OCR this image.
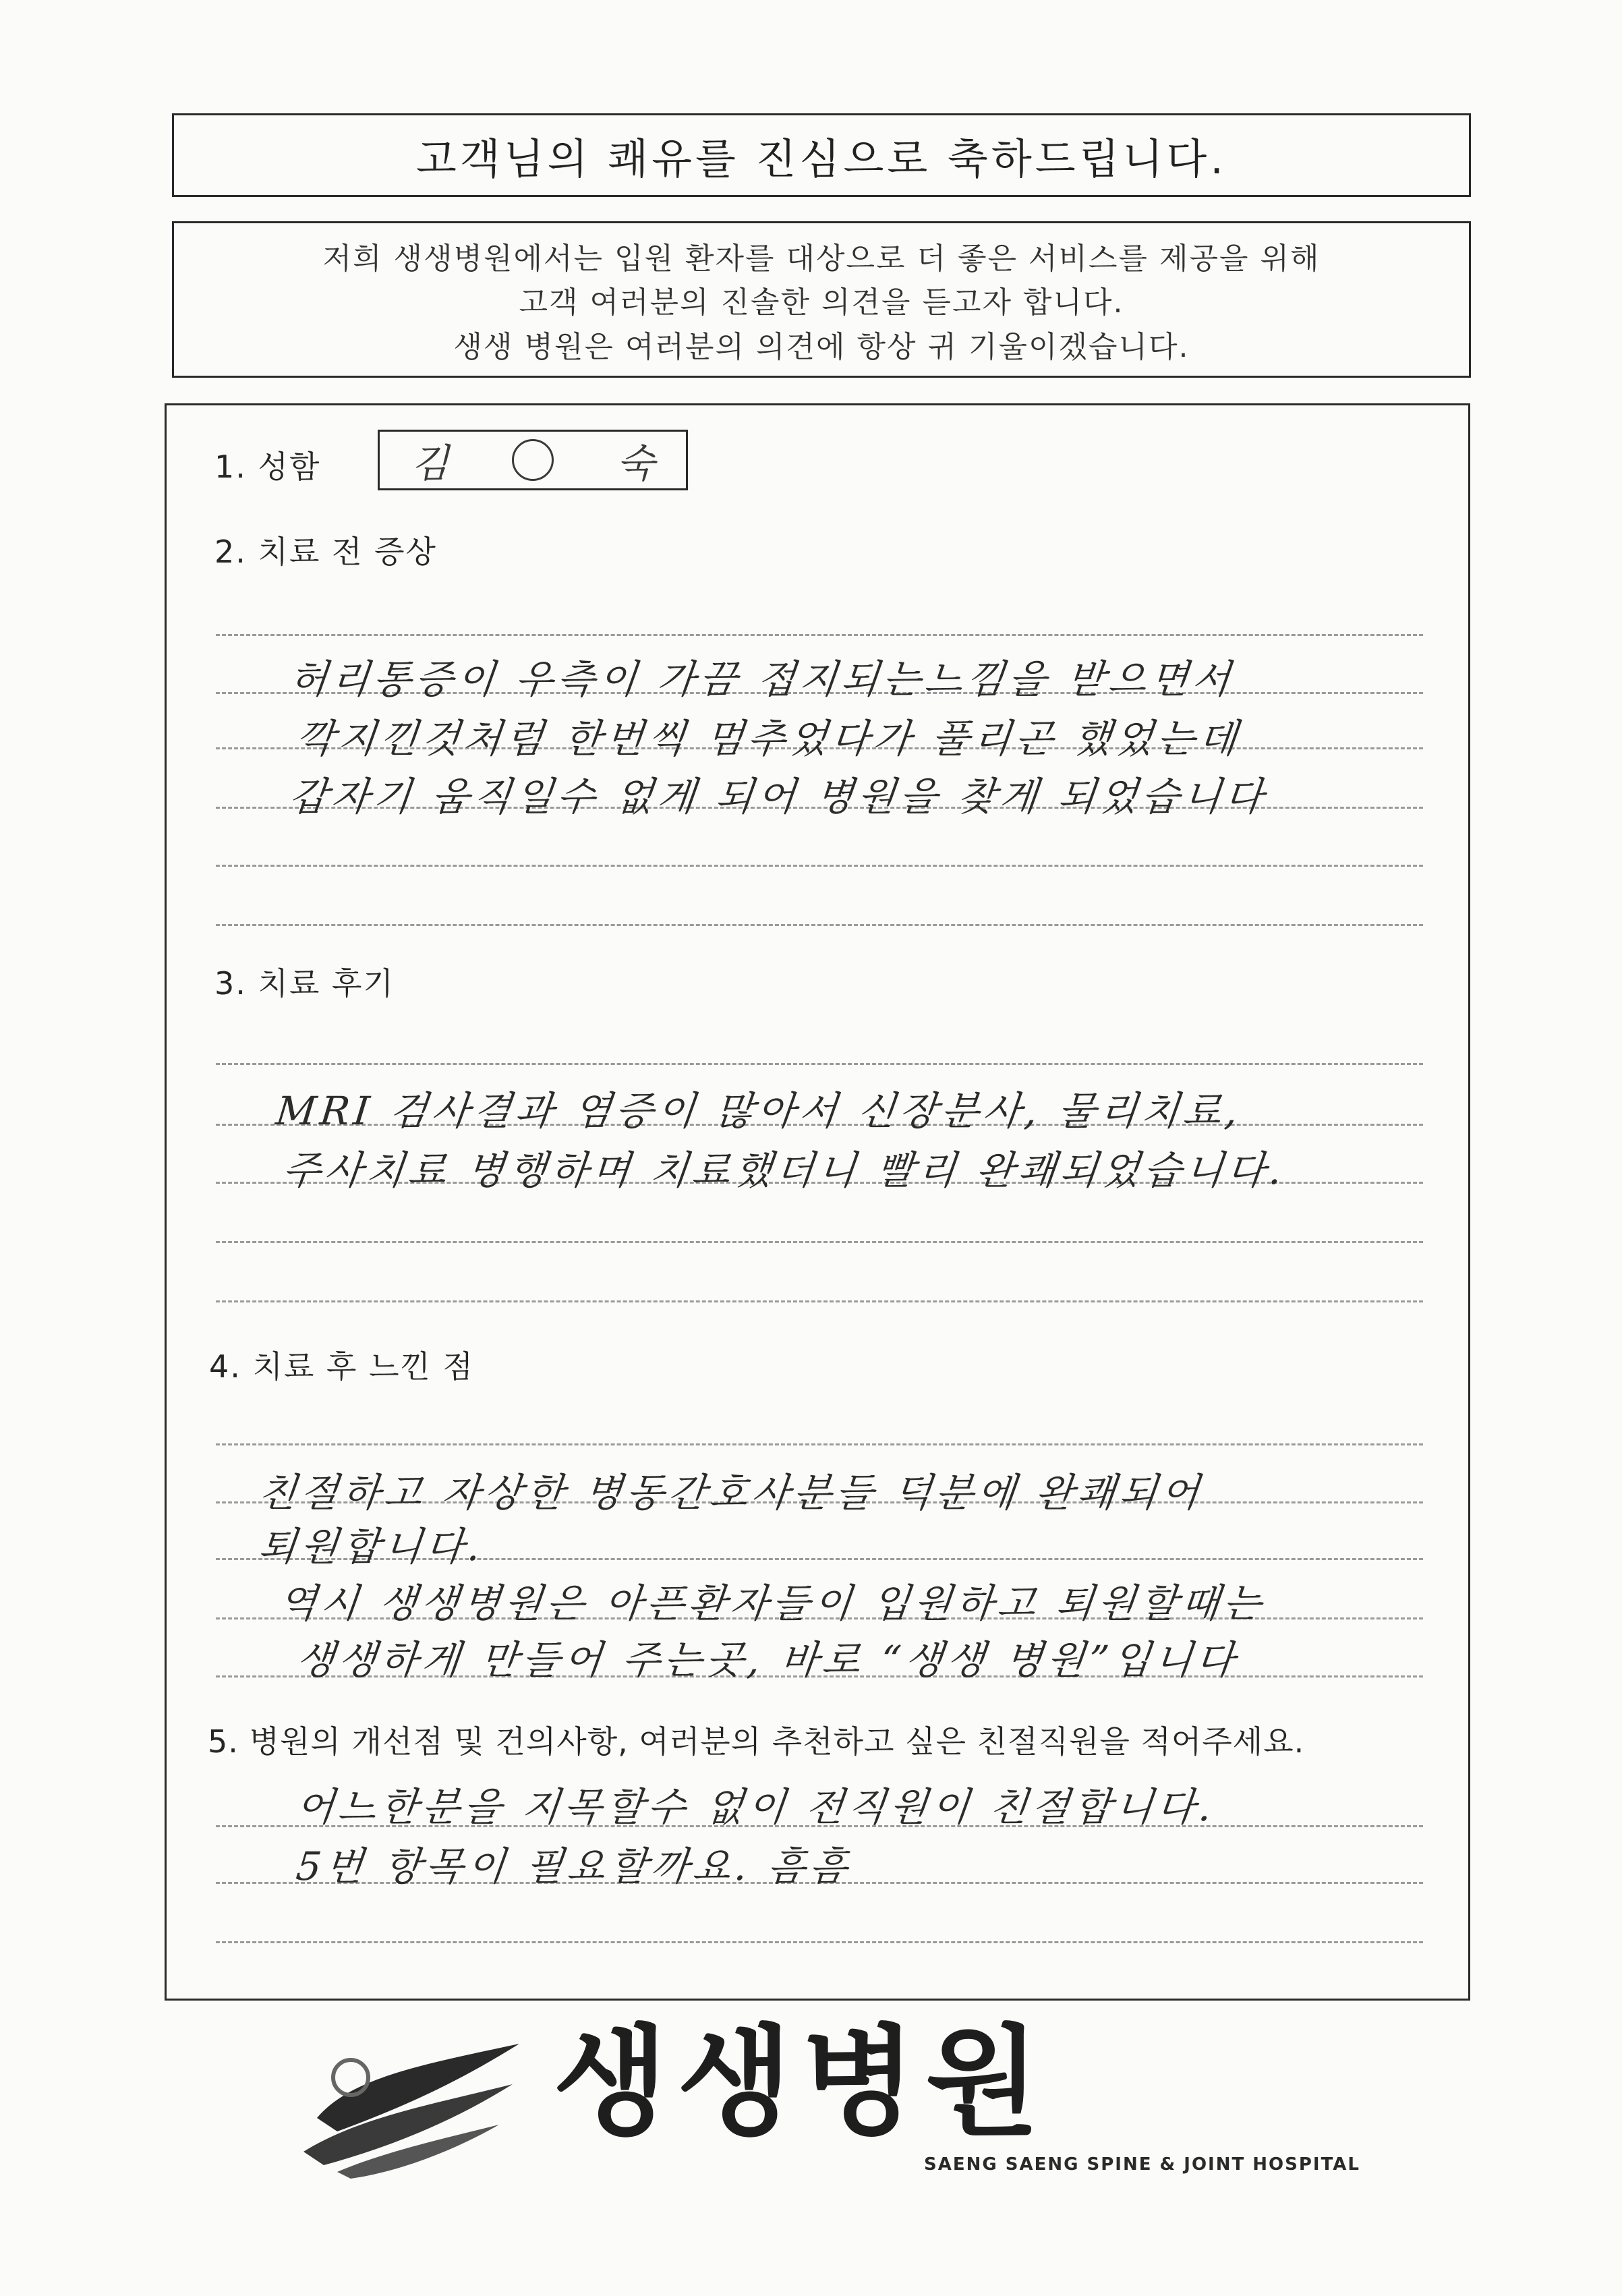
고객님의 쾌유를 진심으로 축하드립니다.
저희 생생병원에서는 입원 환자를 대상으로 더 좋은 서비스를 제공을 위해
고객 여러분의 진솔한 의견을 듣고자 합니다.
생생 병원은 여러분의 의견에 항상 귀 기울이겠습니다.
1. 성함 김	숙
2. 치료 전 증상
허리통증이 우측이 가끔 접지되는느낌을 받으면서
깍지낀것처럼 한번씩 멈추었다가 풀리곤 했었는데
갑자기 움직일수 없게 되어 병원을 찾게 되었습니다
3. 치료 후기
MRI 검사결과 염증이 많아서 신장분사, 물리치료,
주사치료 병행하며 치료했더니 빨리 완쾌되었습니다.
4. 치료 후 느낀 점
친절하고 자상한 병동간호사분들 덕분에 완쾌되어
퇴원합니다.
역시 생생병원은 아픈환자들이 입원하고 퇴원할때는
생생하게 만들어 주는곳, 바로 “생생 병원”입니다
5. 병원의 개선점 및 건의사항, 여러분의 추천하고 싶은 친절직원을 적어주세요.
어느한분을 지목할수 없이 전직원이 친절합니다.
5번 항목이 필요할까요. 흠흠
생생병원
SAENG SAENG SPINE & JOINT HOSPITAL
